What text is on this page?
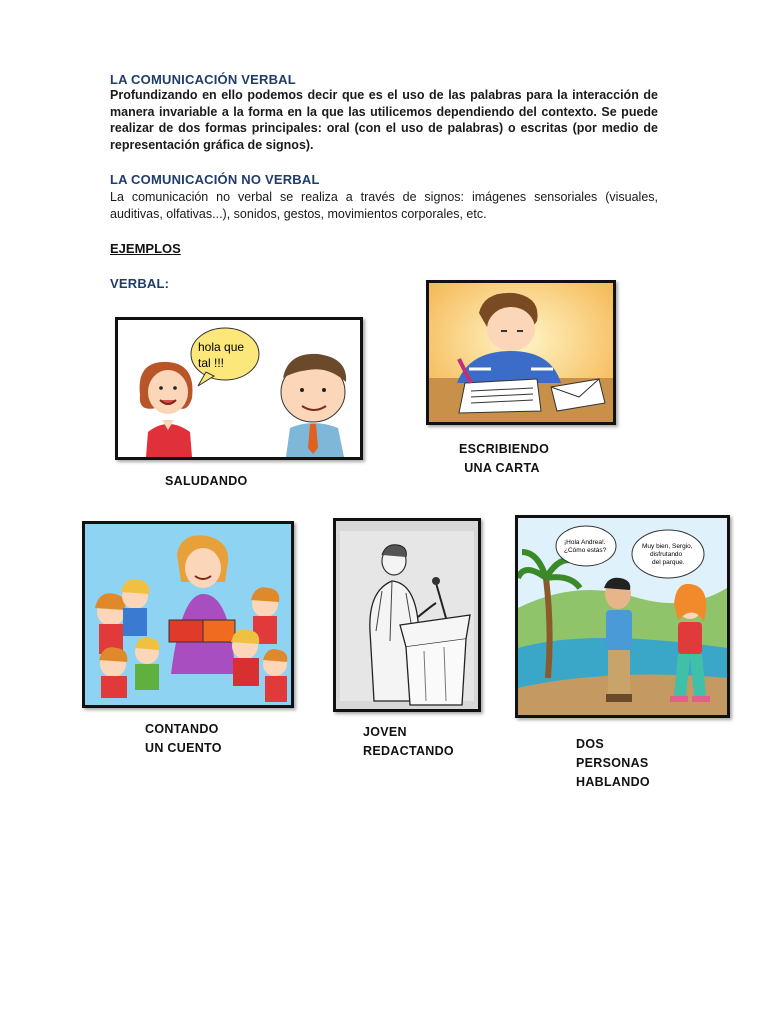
LA COMUNICACIÓN VERBAL
Profundizando en ello podemos decir que es el uso de las palabras para la interacción de manera invariable a la forma en la que las utilicemos dependiendo del contexto. Se puede realizar de dos formas principales: oral (con el uso de palabras) o escritas (por medio de representación gráfica de signos).
LA COMUNICACIÓN NO VERBAL
La comunicación no verbal se realiza a través de signos: imágenes sensoriales (visuales, auditivas, olfativas...), sonidos, gestos, movimientos corporales, etc.
EJEMPLOS
VERBAL:
hola que
tal !!!
SALUDANDO
ESCRIBIENDO
UNA CARTA
CONTANDO
UN CUENTO
JOVEN
REDACTANDO
¡Hola Andrea!.
¿Cómo estás?
Muy bien, Sergio,
disfrutando
del parque.
DOS
PERSONAS
HABLANDO
